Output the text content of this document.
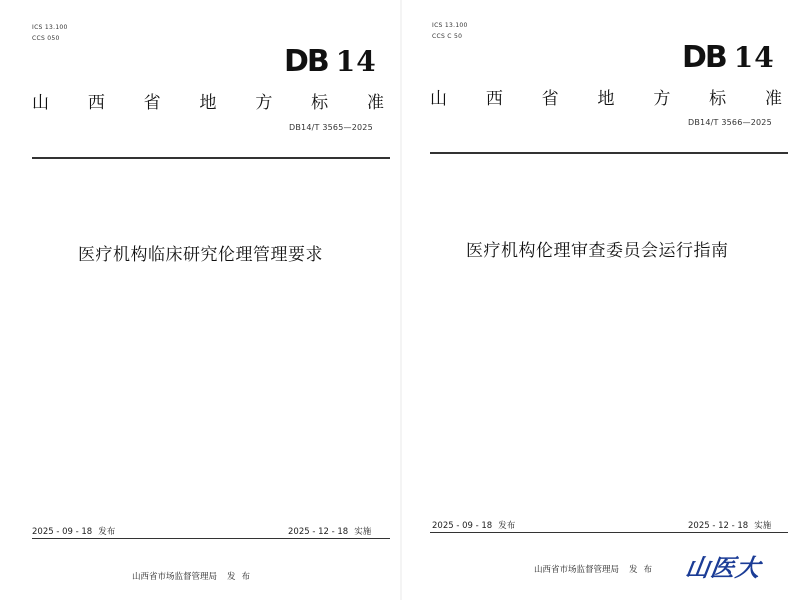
ICS 13.100
CCS 050
DB 14
山 西 省 地 方 标 准
DB14/T 3565—2025
医疗机构临床研究伦理管理要求
2025 - 09 - 18 发布	2025 - 12 - 18 实施
山西省市场监督管理局 发布
ICS 13.100
CCS C 50
DB 14
山 西 省 地 方 标 准
DB14/T 3566—2025
医疗机构伦理审查委员会运行指南
2025 - 09 - 18 发布	2025 - 12 - 18 实施
山西省市场监督管理局 发布 山医大
